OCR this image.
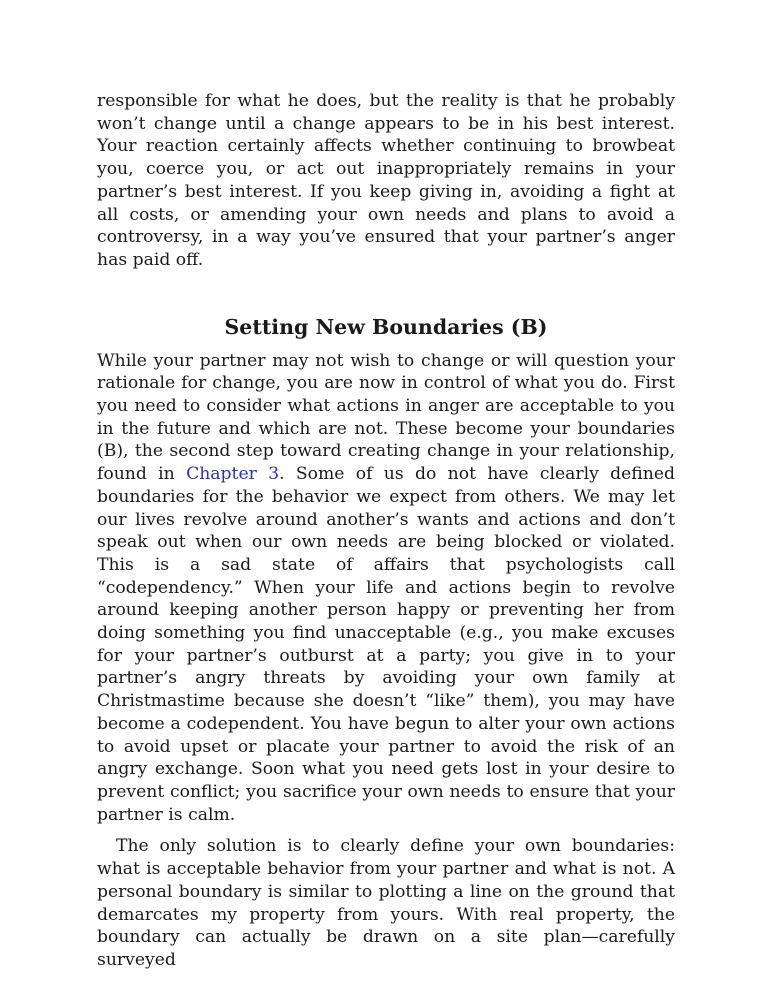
responsible for what he does, but the reality is that he probably won’t change until a change appears to be in his best interest. Your reaction certainly affects whether continuing to browbeat you, coerce you, or act out inappropriately remains in your partner’s best interest. If you keep giving in, avoiding a fight at all costs, or amending your own needs and plans to avoid a controversy, in a way you’ve ensured that your partner’s anger has paid off.

Setting New Boundaries (B)

While your partner may not wish to change or will question your rationale for change, you are now in control of what you do. First you need to consider what actions in anger are acceptable to you in the future and which are not. These become your boundaries (B), the second step toward creating change in your relationship, found in Chapter 3. Some of us do not have clearly defined boundaries for the behavior we expect from others. We may let our lives revolve around another’s wants and actions and don’t speak out when our own needs are being blocked or violated. This is a sad state of affairs that psychologists call “codependency.” When your life and actions begin to revolve around keeping another person happy or preventing her from doing something you find unacceptable (e.g., you make excuses for your partner’s outburst at a party; you give in to your partner’s angry threats by avoiding your own family at Christmastime because she doesn’t “like” them), you may have become a codependent. You have begun to alter your own actions to avoid upset or placate your partner to avoid the risk of an angry exchange. Soon what you need gets lost in your desire to prevent conflict; you sacrifice your own needs to ensure that your partner is calm.

The only solution is to clearly define your own boundaries: what is acceptable behavior from your partner and what is not. A personal boundary is similar to plotting a line on the ground that demarcates my property from yours. With real property, the boundary can actually be drawn on a site plan—carefully surveyed
